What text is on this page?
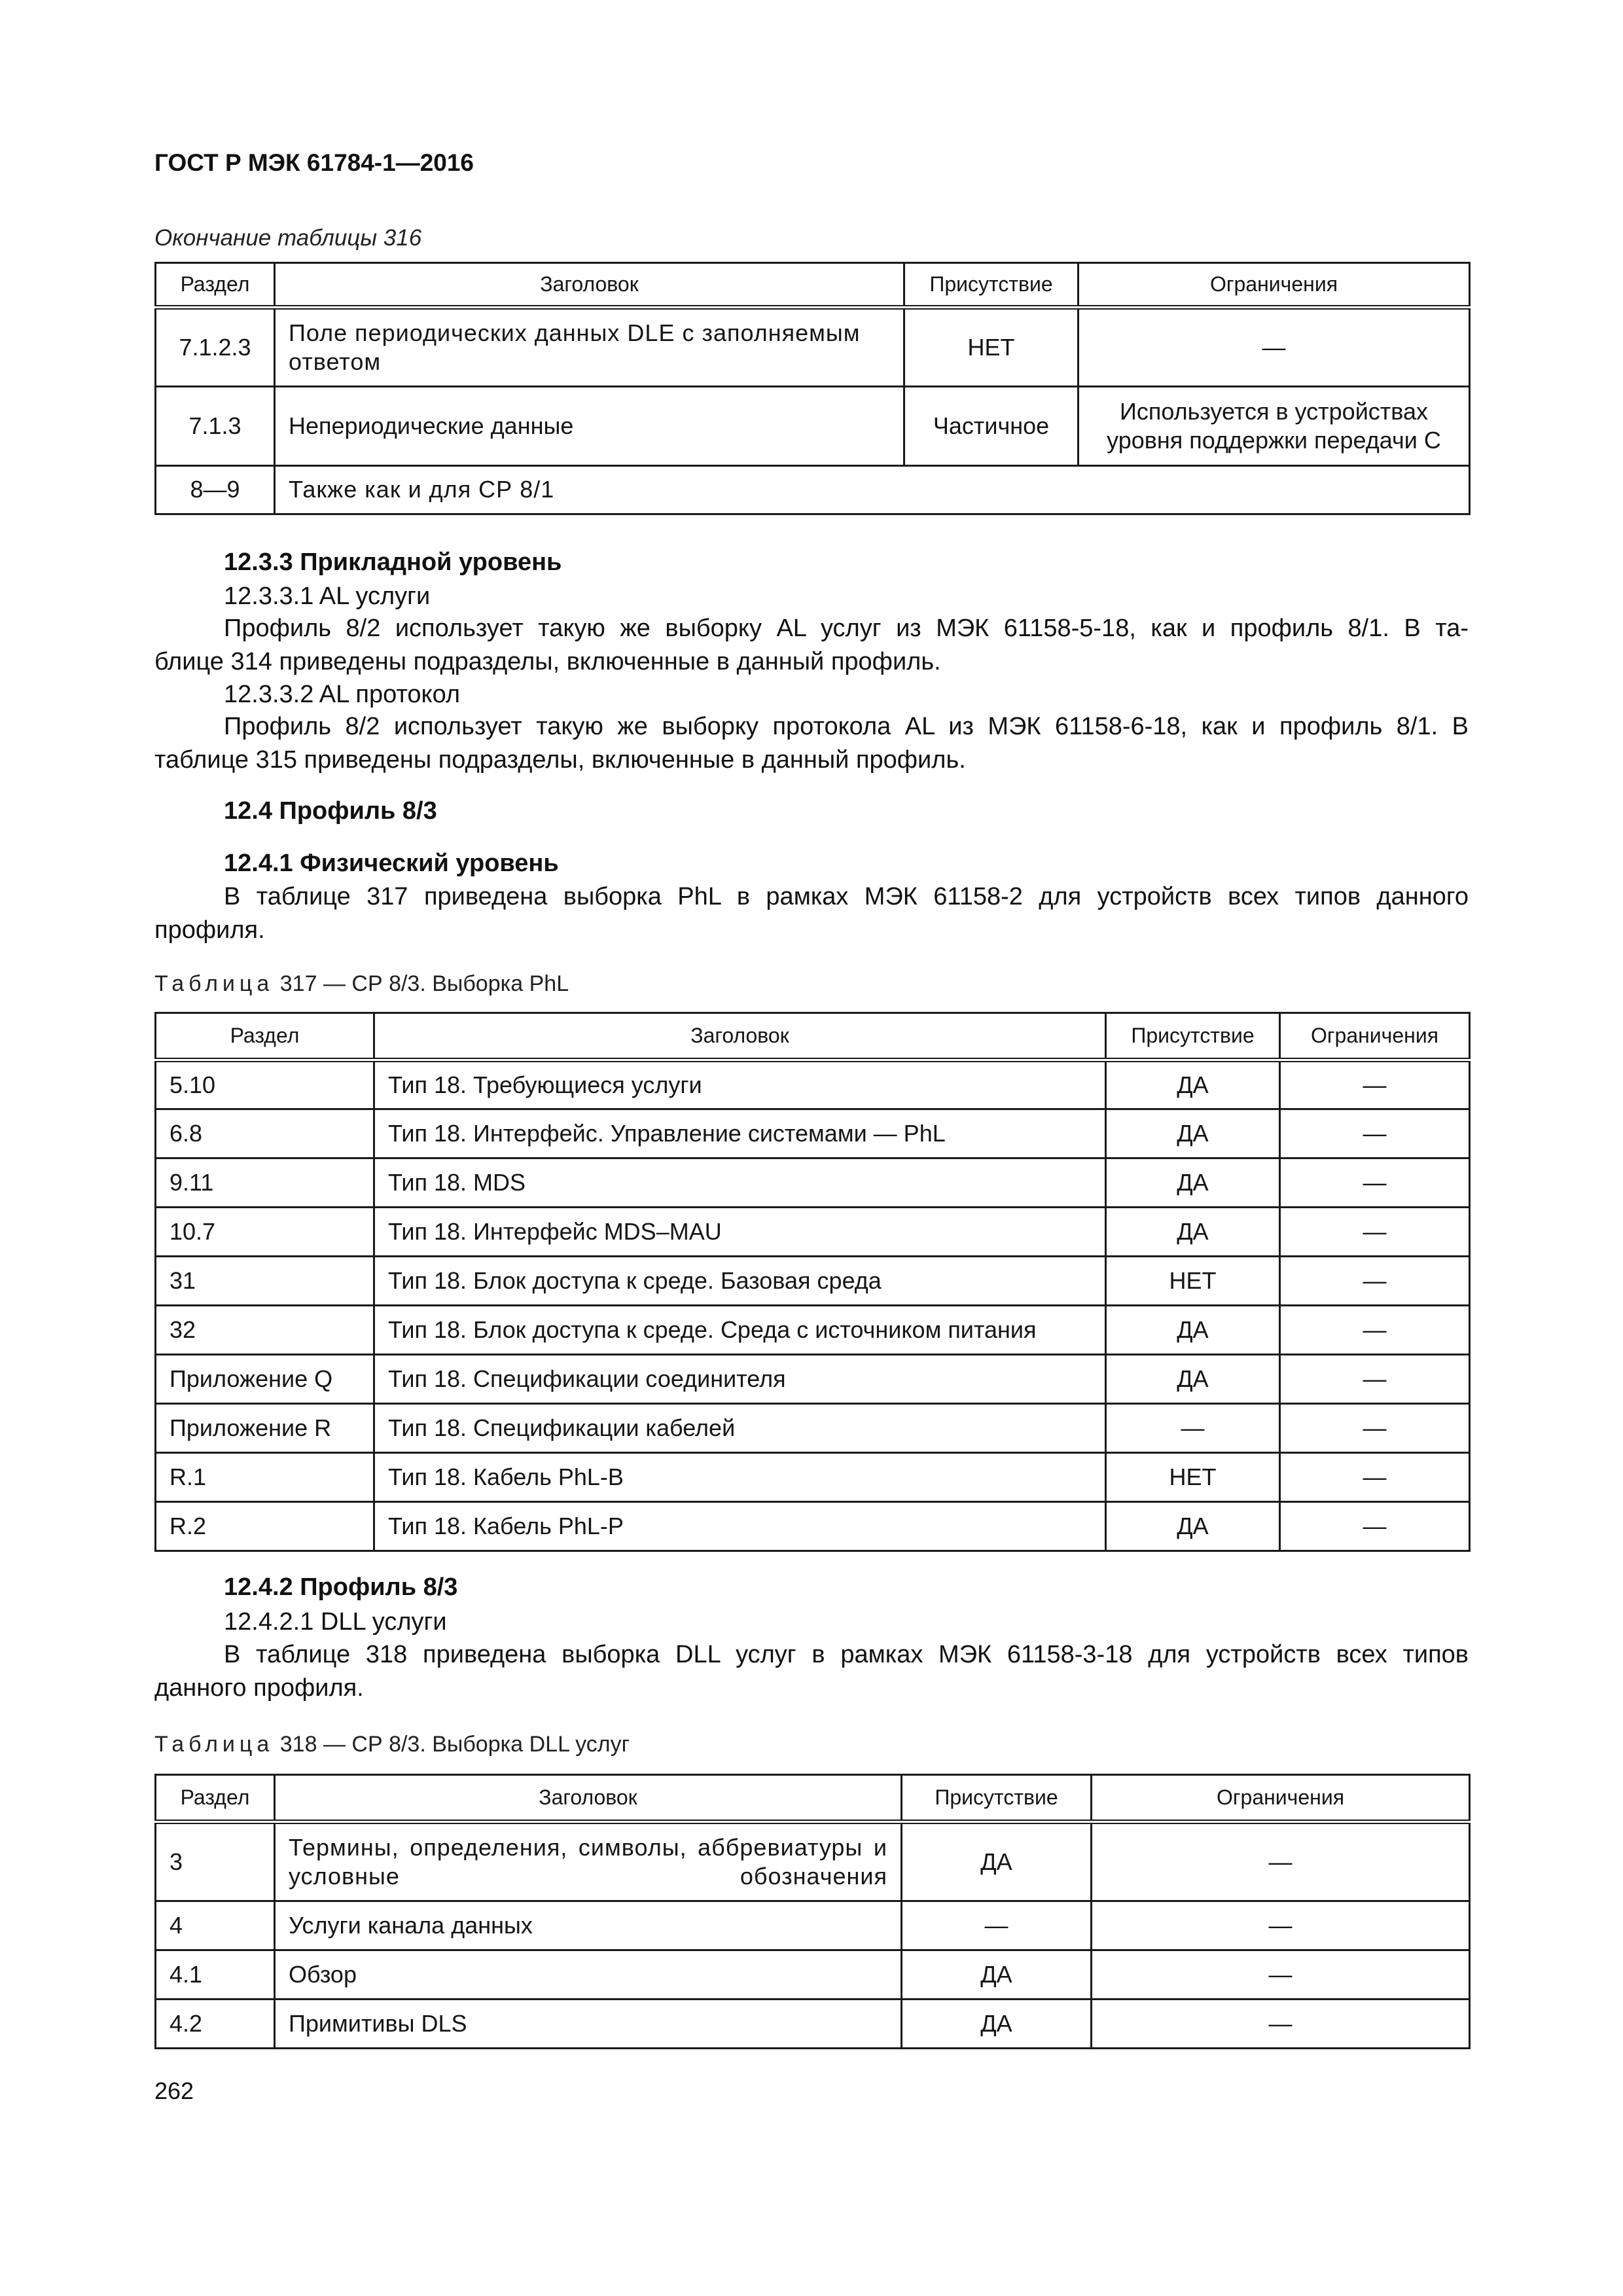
ГОСТ Р МЭК 61784-1—2016
Окончание таблицы 316
Раздел	Заголовок	Присутствие	Ограничения
7.1.2.3	Поле периодических данных DLE с заполняемым ответом	НЕТ	—
7.1.3	Непериодические данные	Частичное	Используется в устройствах уровня поддержки передачи С
8—9	Также как и для СР 8/1		
12.3.3 Прикладной уровень
12.3.3.1 AL услуги
Профиль 8/2 использует такую же выборку AL услуг из МЭК 61158-5-18, как и профиль 8/1. В та-
блице 314 приведены подразделы, включенные в данный профиль.
12.3.3.2 AL протокол
Профиль 8/2 использует такую же выборку протокола AL из МЭК 61158-6-18, как и профиль 8/1. В
таблице 315 приведены подразделы, включенные в данный профиль.
12.4 Профиль 8/3
12.4.1 Физический уровень
В таблице 317 приведена выборка PhL в рамках МЭК 61158-2 для устройств всех типов данного
профиля.
Таблица 317 — СР 8/3. Выборка PhL
Раздел	Заголовок	Присутствие	Ограничения
5.10	Тип 18. Требующиеся услуги	ДА	—
6.8	Тип 18. Интерфейс. Управление системами — PhL	ДА	—
9.11	Тип 18. MDS	ДА	—
10.7	Тип 18. Интерфейс MDS–MAU	ДА	—
31	Тип 18. Блок доступа к среде. Базовая среда	НЕТ	—
32	Тип 18. Блок доступа к среде. Среда с источником питания	ДА	—
Приложение Q	Тип 18. Спецификации соединителя	ДА	—
Приложение R	Тип 18. Спецификации кабелей	—	—
R.1	Тип 18. Кабель PhL-B	НЕТ	—
R.2	Тип 18. Кабель PhL-P	ДА	—
12.4.2 Профиль 8/3
12.4.2.1 DLL услуги
В таблице 318 приведена выборка DLL услуг в рамках МЭК 61158-3-18 для устройств всех типов
данного профиля.
Таблица 318 — СР 8/3. Выборка DLL услуг
Раздел	Заголовок	Присутствие	Ограничения
3	Термины, определения, символы, аббревиатуры и условные обозначения	ДА	—
4	Услуги канала данных	—	—
4.1	Обзор	ДА	—
4.2	Примитивы DLS	ДА	—
262
